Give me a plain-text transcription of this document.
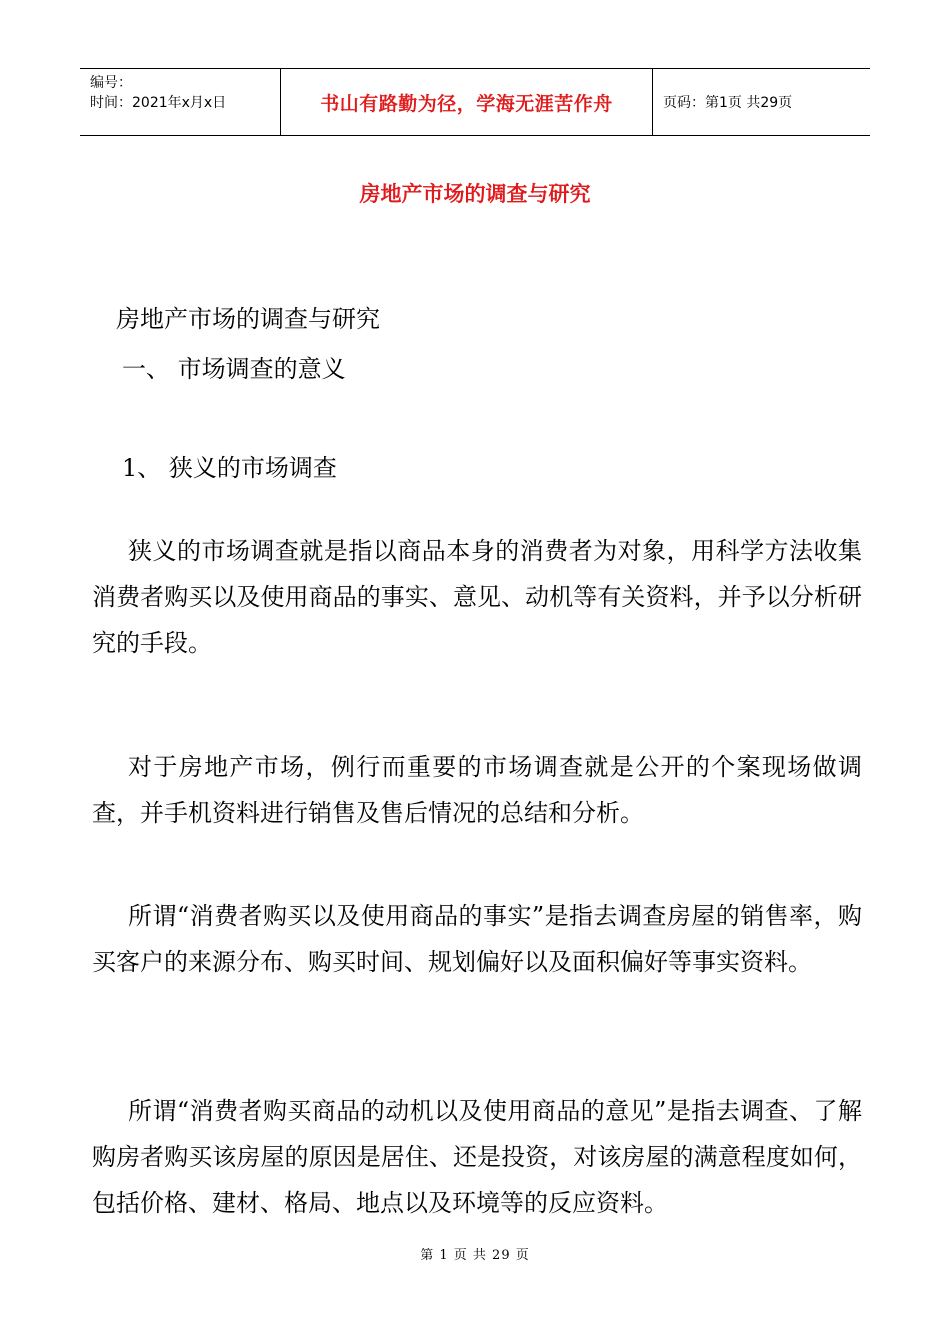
编号：
时间：2021年x月x日	书山有路勤为径，学海无涯苦作舟	页码：第1页 共29页
房地产市场的调查与研究
房地产市场的调查与研究
一、 市场调查的意义
1、 狭义的市场调查

狭义的市场调查就是指以商品本身的消费者为对象，用科学方法收集消费者购买以及使用商品的事实、意见、动机等有关资料，并予以分析研究的手段。

对于房地产市场，例行而重要的市场调查就是公开的个案现场做调查，并手机资料进行销售及售后情况的总结和分析。

所谓“消费者购买以及使用商品的事实”是指去调查房屋的销售率，购买客户的来源分布、购买时间、规划偏好以及面积偏好等事实资料。

所谓“消费者购买商品的动机以及使用商品的意见”是指去调查、了解购房者购买该房屋的原因是居住、还是投资，对该房屋的满意程度如何，包括价格、建材、格局、地点以及环境等的反应资料。

第 1 页 共 29 页
